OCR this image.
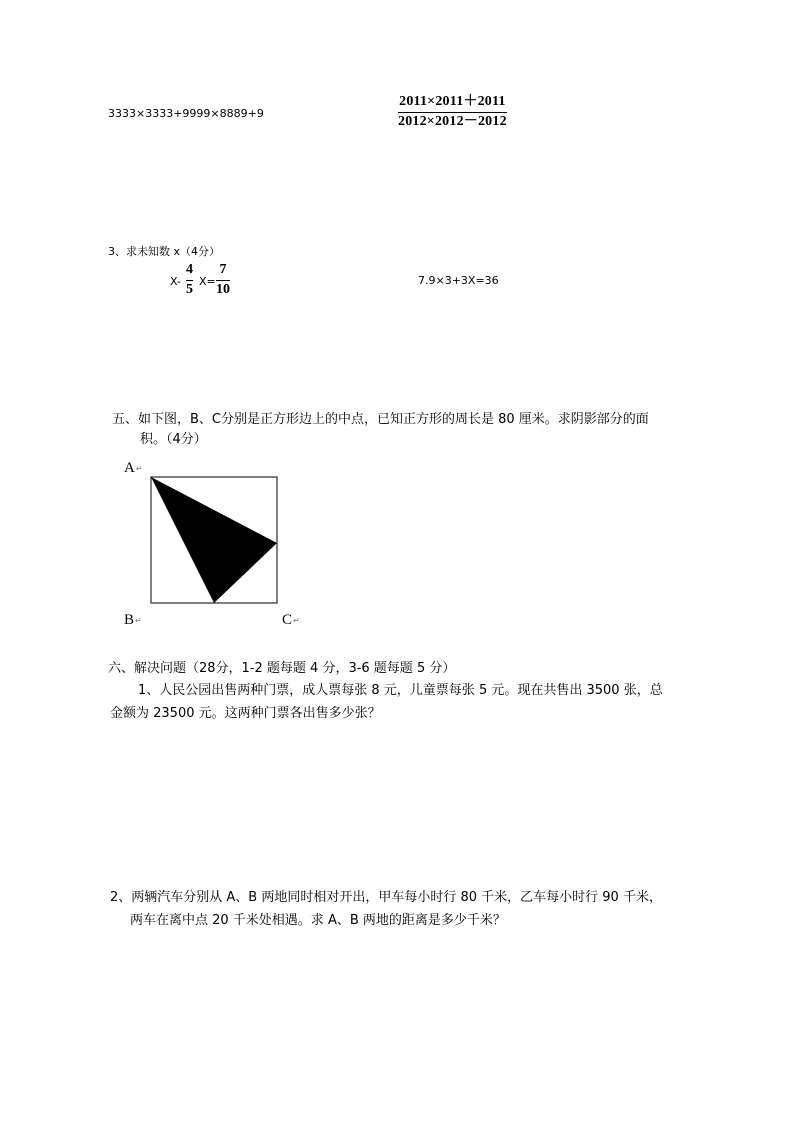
3333×3333+9999×8889+9
2011×2011＋2011
2012×2012－2012
3、求未知数 x（4分）
X-
4
5
X=
7
10
7.9×3+3X=36
五、如下图，B、C分别是正方形边上的中点，已知正方形的周长是 80 厘米。求阴影部分的面
积。（4分）
A↵
B↵	C↵
六、解决问题（28分，1-2 题每题 4 分，3-6 题每题 5 分）
1、人民公园出售两种门票，成人票每张 8 元，儿童票每张 5 元。现在共售出 3500 张，总
金额为 23500 元。这两种门票各出售多少张？
2、两辆汽车分别从 A、B 两地同时相对开出，甲车每小时行 80 千米，乙车每小时行 90 千米，
两车在离中点 20 千米处相遇。求 A、B 两地的距离是多少千米？
